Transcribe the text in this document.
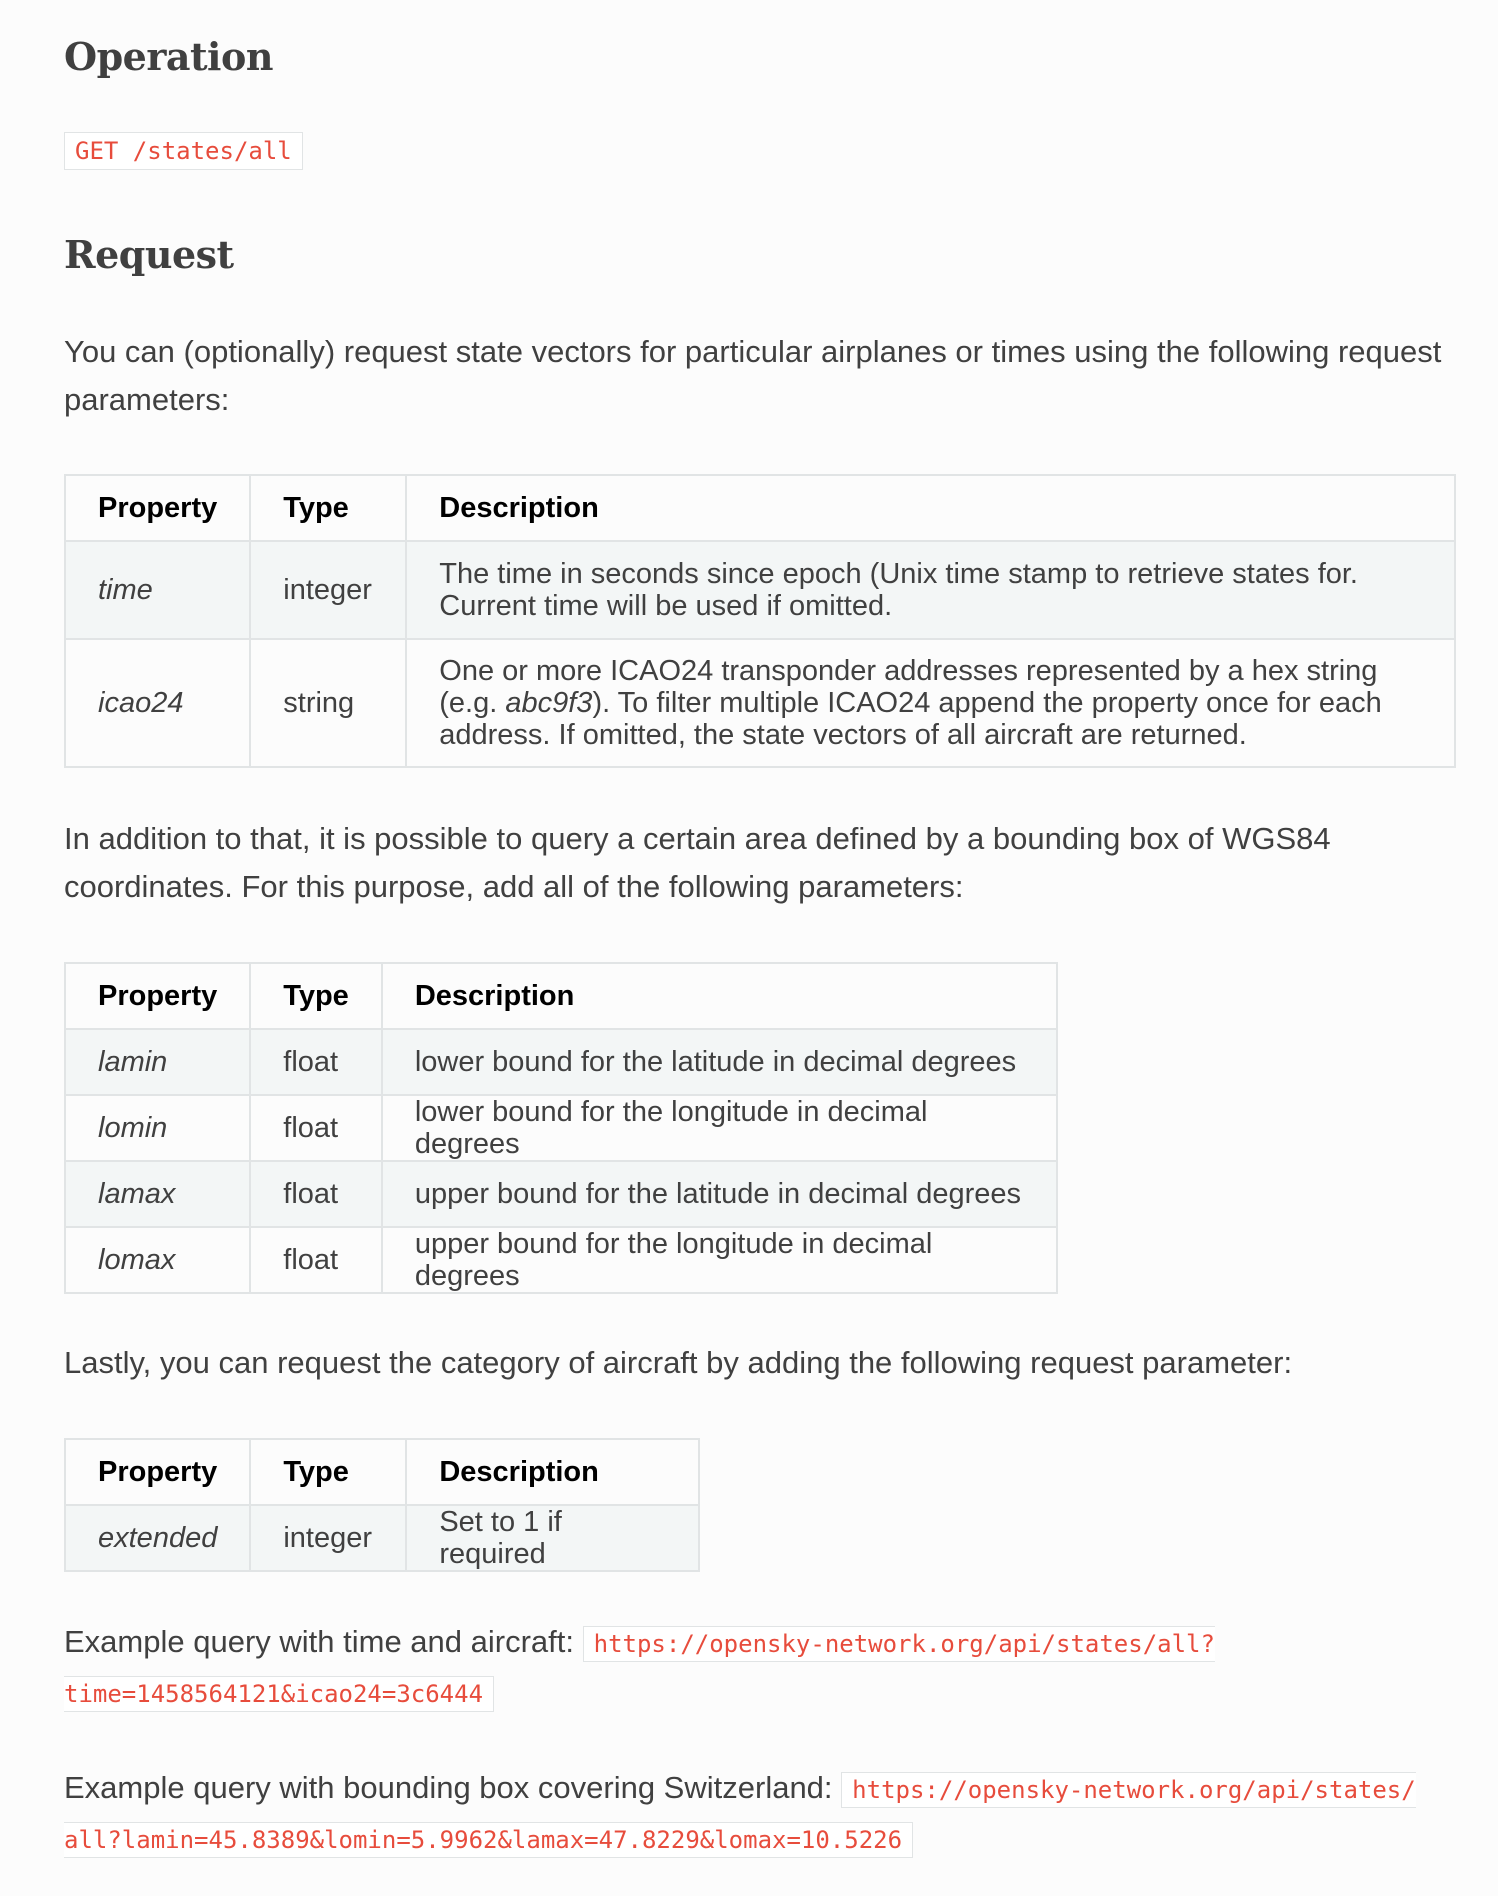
Operation
GET /states/all
Request

You can (optionally) request state vectors for particular airplanes or times using the following request parameters:

Property	Type	Description
time	integer	The time in seconds since epoch (Unix time stamp to retrieve states for. Current time will be used if omitted.
icao24	string	One or more ICAO24 transponder addresses represented by a hex string (e.g. abc9f3). To filter multiple ICAO24 append the property once for each address. If omitted, the state vectors of all aircraft are returned.

In addition to that, it is possible to query a certain area defined by a bounding box of WGS84 coordinates. For this purpose, add all of the following parameters:

Property	Type	Description
lamin	float	lower bound for the latitude in decimal degrees
lomin	float	lower bound for the longitude in decimal degrees
lamax	float	upper bound for the latitude in decimal degrees
lomax	float	upper bound for the longitude in decimal degrees

Lastly, you can request the category of aircraft by adding the following request parameter:

Property	Type	Description
extended	integer	Set to 1 if required

Example query with time and aircraft: https://opensky-network.org/api/states/all?
time=1458564121&icao24=3c6444

Example query with bounding box covering Switzerland: https://opensky-network.org/api/states/
all?lamin=45.8389&lomin=5.9962&lamax=47.8229&lomax=10.5226
